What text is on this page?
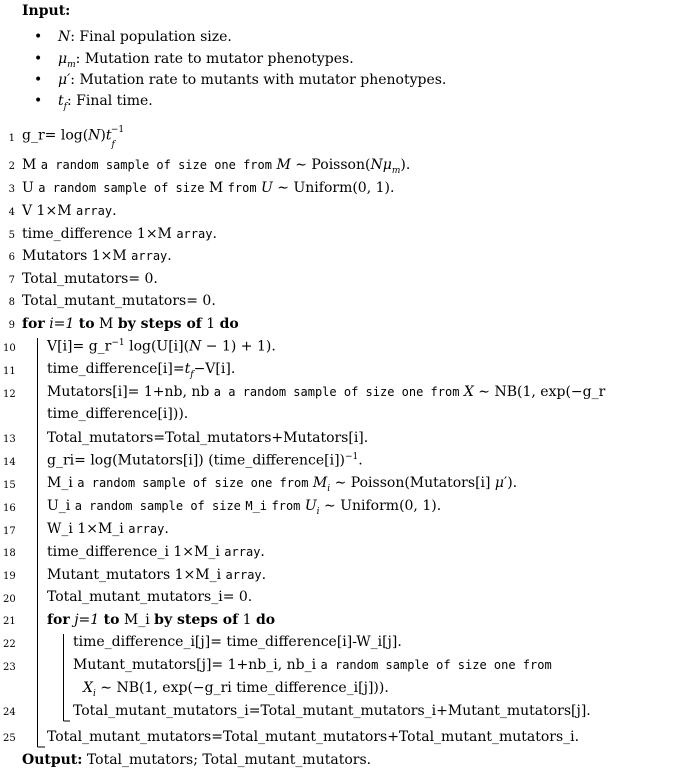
Input:
• N: Final population size.
• $\mu_m$: Mutation rate to mutator phenotypes.
• μ′: Mutation rate to mutants with mutator phenotypes.
• $t_f$: Final time.
1
2
3
4
5
6
7
8
9
10
11
12
13
14
15
16
17
18
19
20
21
22
23
24
25
g_r= $\log(N)t_f^{-1}$
M a random sample of size one from M ∼ $Poisson(N\mu_m)$.
U a random sample of size M from U ∼ Uniform(0, 1).
V 1×M array.
time_difference 1×M array.
Mutators 1×M array.
Total_mutators= 0.
Total_mutant_mutators= 0.
for i=1 to M by steps of 1 do
$V[i]= g\_r^{-1}$ log(U[i](N − 1) + 1).
$time\_difference[i]=t_f-V[i]$.
Mutators[i]= 1+nb, nb a a random sample of size one from X ∼ NB(1, exp(−g_r
time_difference[i])).
Total_mutators=Total_mutators+Mutators[i].
g_ri= log(Mutators[i]) (time_difference[i])$^{-1}$.
M_i a random sample of size one from $M_i$ ∼ Poisson(Mutators[i] μ′).
U_i a random sample of size M_i from $U_i$ ∼ Uniform(0, 1).
W_i 1×M_i array.
time_difference_i 1×M_i array.
Mutant_mutators 1×M_i array.
Total_mutant_mutators_i= 0.
for j=1 to M_i by steps of 1 do
time_difference_i[j]= time_difference[i]-W_i[j].
Mutant_mutators[j]= 1+nb_i, nb_i a random sample of size one from
$X_i$ ∼ NB(1, exp(−g_ri time_difference_i[j])).
Total_mutant_mutators_i=Total_mutant_mutators_i+Mutant_mutators[j].
Total_mutant_mutators=Total_mutant_mutators+Total_mutant_mutators_i.
Output: Total_mutators; Total_mutant_mutators.
